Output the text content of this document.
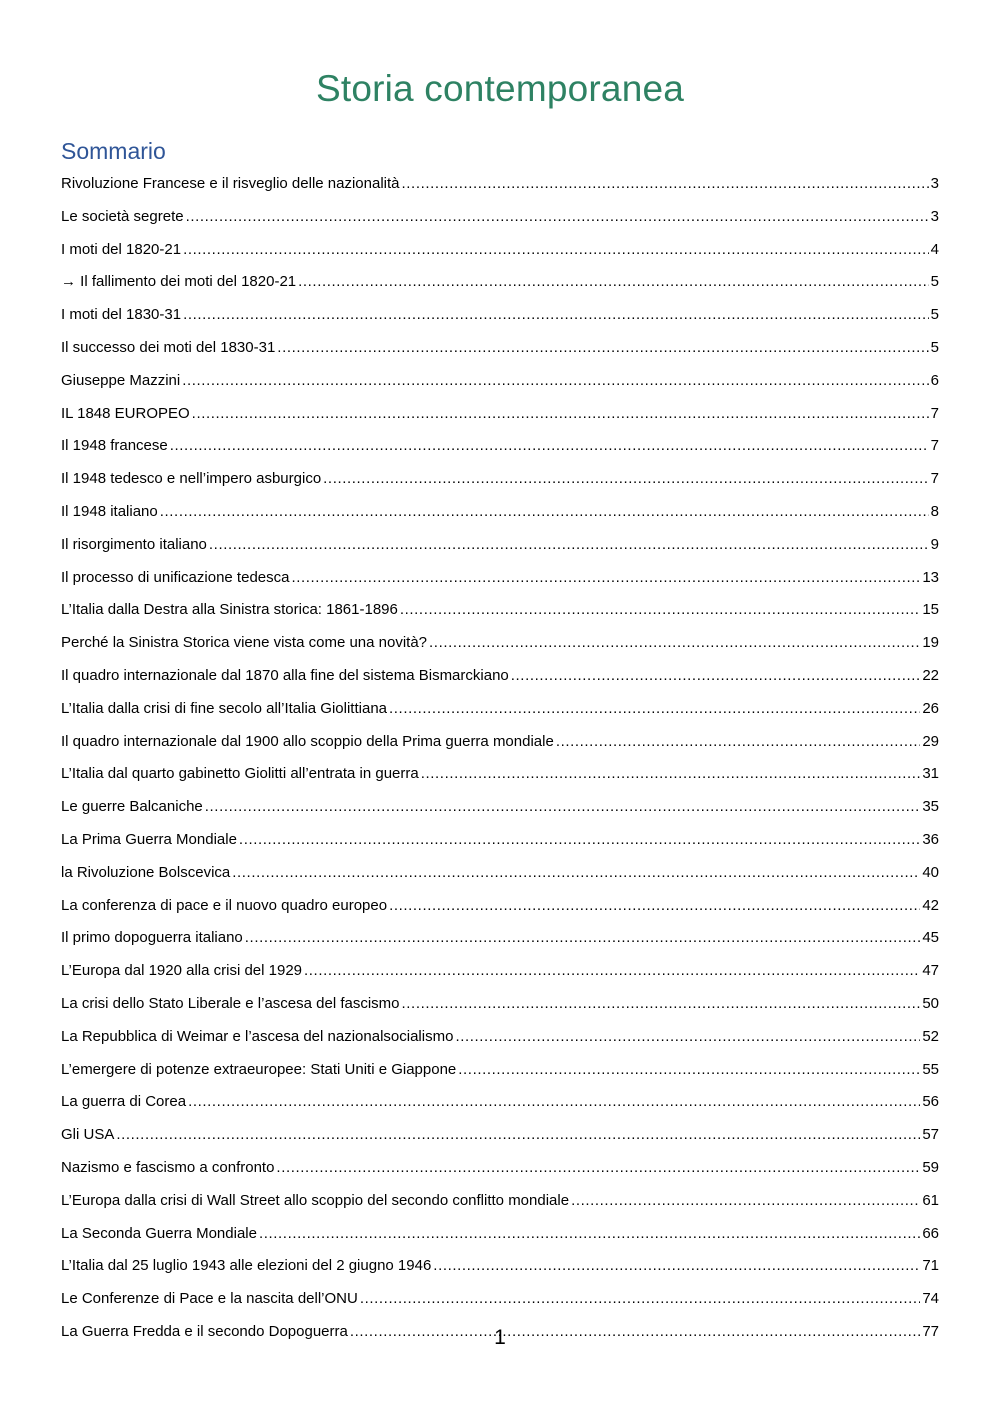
Storia contemporanea
Sommario
Rivoluzione Francese e il risveglio delle nazionalità .....	3
Le società segrete .....	3
I moti del 1820-21 .....	4
→ Il fallimento dei moti del 1820-21 .....	5
I moti del 1830-31 .....	5
Il successo dei moti del 1830-31 .....	5
Giuseppe Mazzini .....	6
IL 1848 EUROPEO .....	7
Il 1948 francese .....	7
Il 1948 tedesco e nell’impero asburgico .....	7
Il 1948 italiano .....	8
Il risorgimento italiano .....	9
Il processo di unificazione tedesca .....	13
L’Italia dalla Destra alla Sinistra storica: 1861-1896 .....	15
Perché la Sinistra Storica viene vista come una novità? .....	19
Il quadro internazionale dal 1870 alla fine del sistema Bismarckiano .....	22
L’Italia dalla crisi di fine secolo all’Italia Giolittiana .....	26
Il quadro internazionale dal 1900 allo scoppio della Prima guerra mondiale .....	29
L’Italia dal quarto gabinetto Giolitti all’entrata in guerra .....	31
Le guerre Balcaniche .....	35
La Prima Guerra Mondiale .....	36
la Rivoluzione Bolscevica .....	40
La conferenza di pace e il nuovo quadro europeo .....	42
Il primo dopoguerra italiano .....	45
L’Europa dal 1920 alla crisi del 1929 .....	47
La crisi dello Stato Liberale e l’ascesa del fascismo .....	50
La Repubblica di Weimar e l’ascesa del nazionalsocialismo .....	52
L’emergere di potenze extraeuropee: Stati Uniti e Giappone .....	55
La guerra di Corea .....	56
Gli USA .....	57
Nazismo e fascismo a confronto .....	59
L’Europa dalla crisi di Wall Street allo scoppio del secondo conflitto mondiale .....	61
La Seconda Guerra Mondiale .....	66
L’Italia dal 25 luglio 1943 alle elezioni del 2 giugno 1946 .....	71
Le Conferenze di Pace e la nascita dell’ONU .....	74
La Guerra Fredda e il secondo Dopoguerra .....	77
1
